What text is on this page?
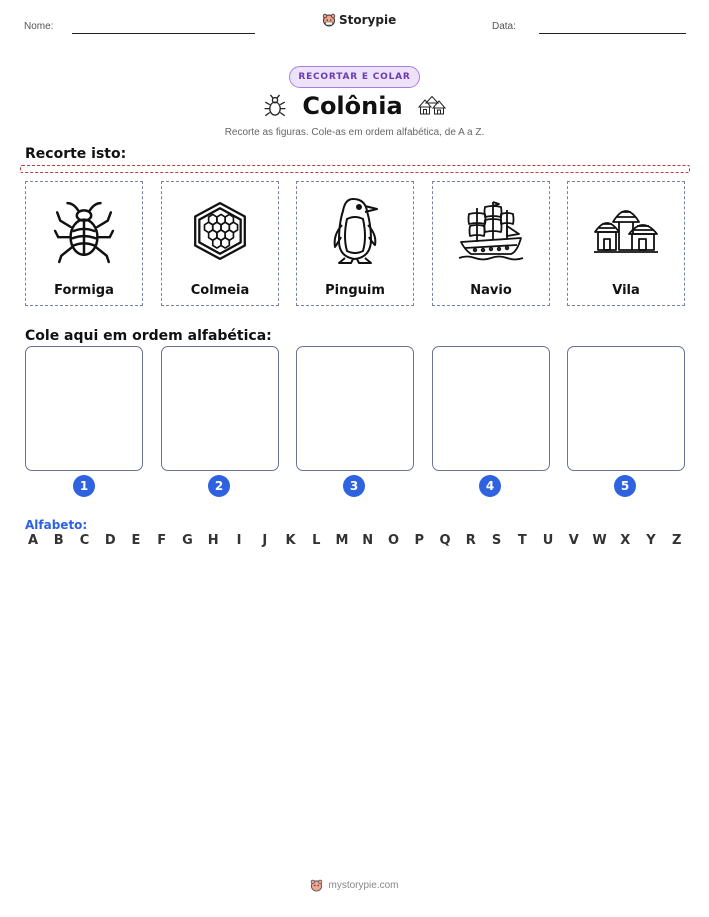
Nome:	Storypie	Data:
RECORTAR E COLAR
Colônia
Recorte as figuras. Cole-as em ordem alfabética, de A a Z.
Recorte isto:
Formiga	Colmeia	Pinguim	Navio	Vila
Cole aqui em ordem alfabética:
1	2	3	4	5
Alfabeto:
A B C D E F G H	I	J	K L M N O P Q R S T U V W X Y Z
mystorypie.com
